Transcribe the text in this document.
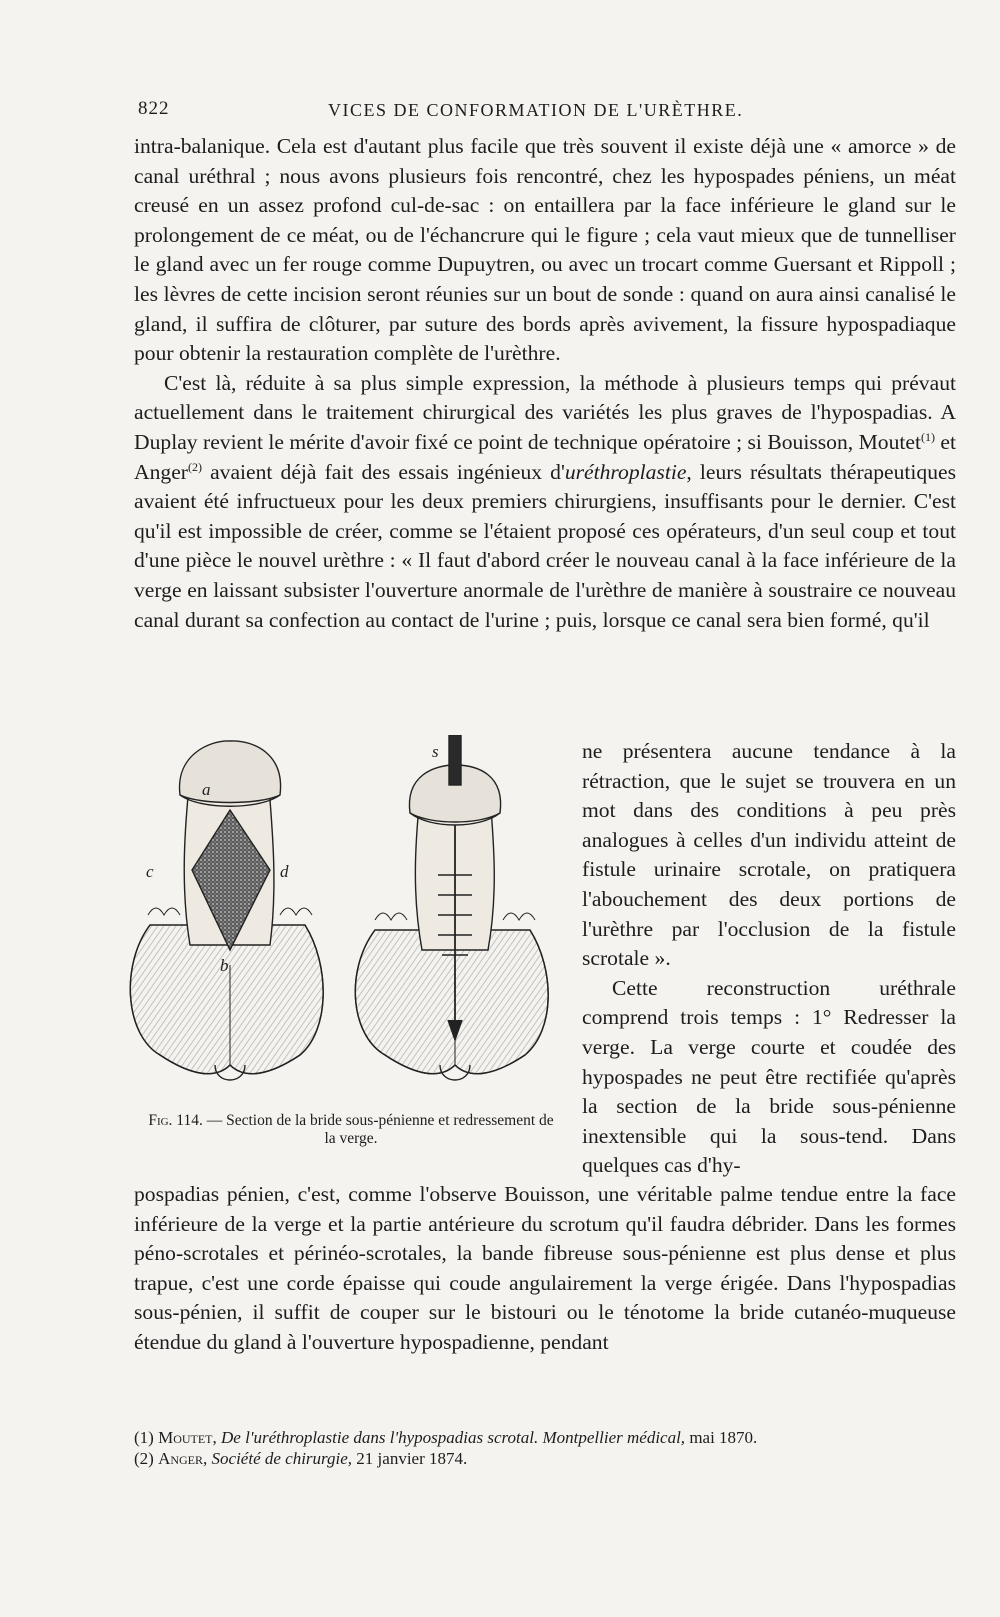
822	VICES DE CONFORMATION DE L'URÈTHRE.

intra-balanique. Cela est d'autant plus facile que très souvent il existe déjà une « amorce » de canal uréthral ; nous avons plusieurs fois rencontré, chez les hypospades péniens, un méat creusé en un assez profond cul-de-sac : on entaillera par la face inférieure le gland sur le prolongement de ce méat, ou de l'échancrure qui le figure ; cela vaut mieux que de tunnelliser le gland avec un fer rouge comme Dupuytren, ou avec un trocart comme Guersant et Rippoll ; les lèvres de cette incision seront réunies sur un bout de sonde : quand on aura ainsi canalisé le gland, il suffira de clôturer, par suture des bords après avivement, la fissure hypospadiaque pour obtenir la restauration complète de l'urèthre.

C'est là, réduite à sa plus simple expression, la méthode à plusieurs temps qui prévaut actuellement dans le traitement chirurgical des variétés les plus graves de l'hypospadias. A Duplay revient le mérite d'avoir fixé ce point de technique opératoire ; si Bouisson, Moutet$^{(1)}$ et Anger$^{(2)}$ avaient déjà fait des essais ingénieux d'uréthroplastie, leurs résultats thérapeutiques avaient été infructueux pour les deux premiers chirurgiens, insuffisants pour le dernier. C'est qu'il est impossible de créer, comme se l'étaient proposé ces opérateurs, d'un seul coup et tout d'une pièce le nouvel urèthre : « Il faut d'abord créer le nouveau canal à la face inférieure de la verge en laissant subsister l'ouverture anormale de l'urèthre de manière à soustraire ce nouveau canal durant sa confection au contact de l'urine ; puis, lorsque ce canal sera bien formé, qu'il

a
c	d
b
s
Fig. 114. — Section de la bride sous-pénienne et redressement de la verge.

ne présentera aucune tendance à la rétraction, que le sujet se trouvera en un mot dans des conditions à peu près analogues à celles d'un individu atteint de fistule urinaire scrotale, on pratiquera l'abouchement des deux portions de l'urèthre par l'occlusion de la fistule scrotale ».

Cette reconstruction uréthrale comprend trois temps : 1° Redresser la verge. La verge courte et coudée des hypospades ne peut être rectifiée qu'après la section de la bride sous-pénienne inextensible qui la sous-tend. Dans quelques cas d'hy-

pospadias pénien, c'est, comme l'observe Bouisson, une véritable palme tendue entre la face inférieure de la verge et la partie antérieure du scrotum qu'il faudra débrider. Dans les formes péno-scrotales et périnéo-scrotales, la bande fibreuse sous-pénienne est plus dense et plus trapue, c'est une corde épaisse qui coude angulairement la verge érigée. Dans l'hypospadias sous-pénien, il suffit de couper sur le bistouri ou le ténotome la bride cutanéo-muqueuse étendue du gland à l'ouverture hypospadienne, pendant

(1) Moutet, De l'uréthroplastie dans l'hypospadias scrotal. Montpellier médical, mai 1870.

(2) Anger, Société de chirurgie, 21 janvier 1874.
